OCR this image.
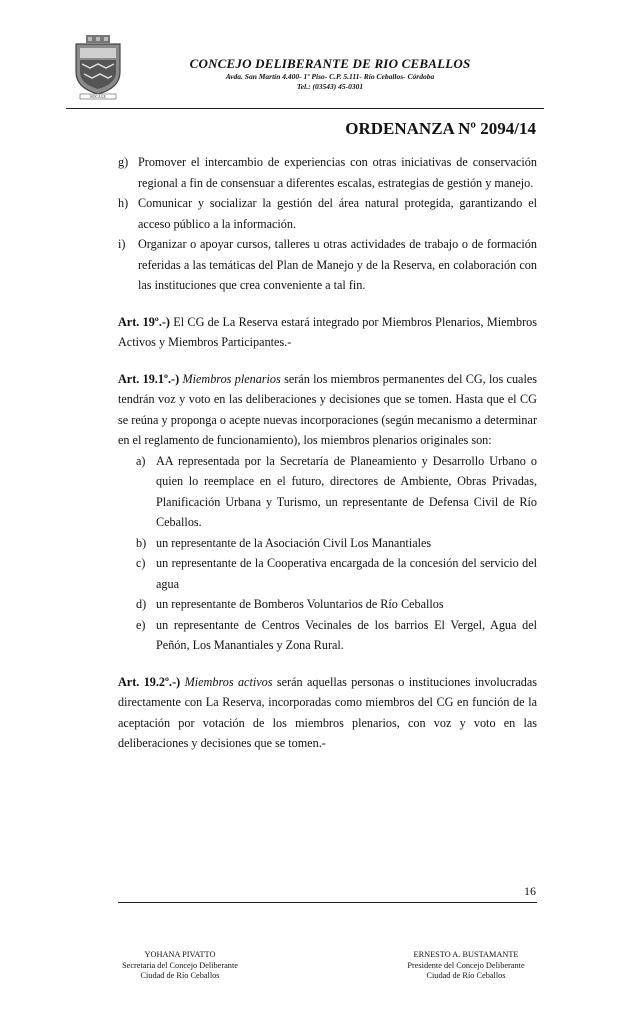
BOCAGE
CONCEJO DELIBERANTE DE RIO CEBALLOS
Avda. San Martín 4.400- 1º Piso- C.P. 5.111- Río Ceballos- Córdoba
Tel.: (03543) 45-0301
ORDENANZA Nº 2094/14
g) Promover el intercambio de experiencias con otras iniciativas de conservación regional a fin de consensuar a diferentes escalas, estrategias de gestión y manejo.
h) Comunicar y socializar la gestión del área natural protegida, garantizando el acceso público a la información.
i) Organizar o apoyar cursos, talleres u otras actividades de trabajo o de formación referidas a las temáticas del Plan de Manejo y de la Reserva, en colaboración con las instituciones que crea conveniente a tal fin.

Art. 19º.-) El CG de La Reserva estará integrado por Miembros Plenarios, Miembros Activos y Miembros Participantes.-

Art. 19.1º.-) Miembros plenarios serán los miembros permanentes del CG, los cuales tendrán voz y voto en las deliberaciones y decisiones que se tomen. Hasta que el CG se reúna y proponga o acepte nuevas incorporaciones (según mecanismo a determinar en el reglamento de funcionamiento), los miembros plenarios originales son:

a) AA representada por la Secretaría de Planeamiento y Desarrollo Urbano o quien lo reemplace en el futuro, directores de Ambiente, Obras Privadas, Planificación Urbana y Turismo, un representante de Defensa Civil de Río Ceballos.
b) un representante de la Asociación Civil Los Manantiales
c) un representante de la Cooperativa encargada de la concesión del servicio del agua
d) un representante de Bomberos Voluntarios de Río Ceballos
e) un representante de Centros Vecinales de los barrios El Vergel, Agua del Peñón, Los Manantiales y Zona Rural.

Art. 19.2º.-) Miembros activos serán aquellas personas o instituciones involucradas directamente con La Reserva, incorporadas como miembros del CG en función de la aceptación por votación de los miembros plenarios, con voz y voto en las deliberaciones y decisiones que se tomen.-

16
YOHANA PIVATTO
Secretaria del Concejo Deliberante
Ciudad de Río Ceballos
ERNESTO A. BUSTAMANTE
Presidente del Concejo Deliberante
Ciudad de Río Ceballos
